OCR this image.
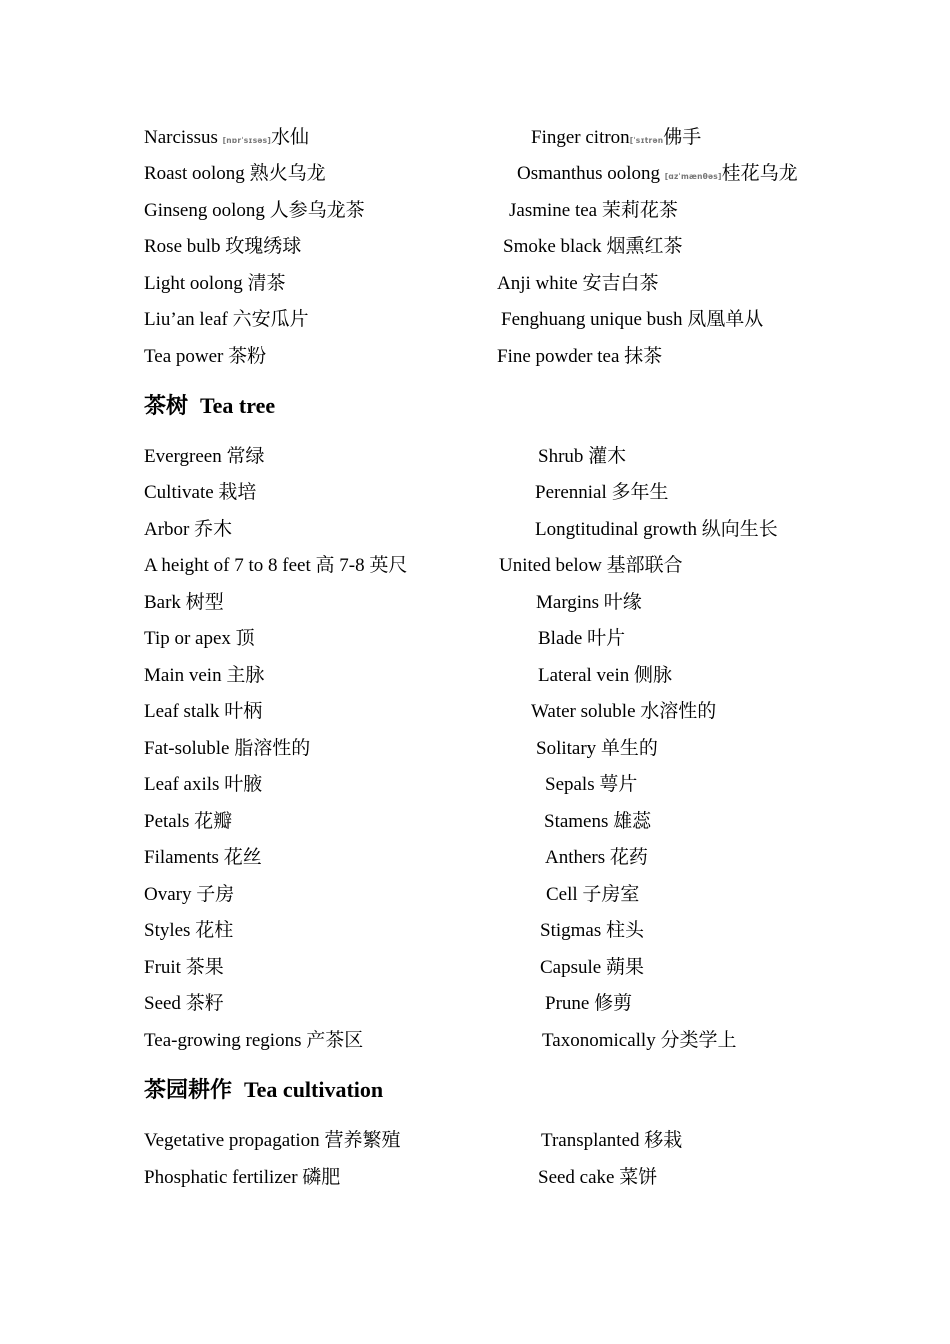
Narcissus [nɒrˈsɪsəs]水仙	Finger citron[ˈsɪtrən佛手
Roast oolong 熟火乌龙	Osmanthus oolong [ɑzˈmænθəs]桂花乌龙
Ginseng oolong 人参乌龙茶	Jasmine tea 茉莉花茶
Rose bulb 玫瑰绣球	Smoke black 烟熏红茶
Light oolong 清茶	Anji white 安吉白茶
Liu’an leaf 六安瓜片	Fenghuang unique bush 凤凰单从
Tea power 茶粉	Fine powder tea 抹茶
茶树 Tea tree
Evergreen 常绿	Shrub 灌木
Cultivate 栽培	Perennial 多年生
Arbor 乔木	Longtitudinal growth 纵向生长
A height of 7 to 8 feet 高 7-8 英尺	United below 基部联合
Bark 树型	Margins 叶缘
Tip or apex 顶	Blade 叶片
Main vein 主脉	Lateral vein 侧脉
Leaf stalk 叶柄	Water soluble 水溶性的
Fat-soluble 脂溶性的	Solitary 单生的
Leaf axils 叶腋	Sepals 萼片
Petals 花瓣	Stamens 雄蕊
Filaments 花丝	Anthers 花药
Ovary 子房	Cell 子房室
Styles 花柱	Stigmas 柱头
Fruit 茶果	Capsule 蒴果
Seed 茶籽	Prune 修剪
Tea-growing regions 产茶区	Taxonomically 分类学上
茶园耕作 Tea cultivation
Vegetative propagation 营养繁殖	Transplanted 移栽
Phosphatic fertilizer 磷肥	Seed cake 菜饼
